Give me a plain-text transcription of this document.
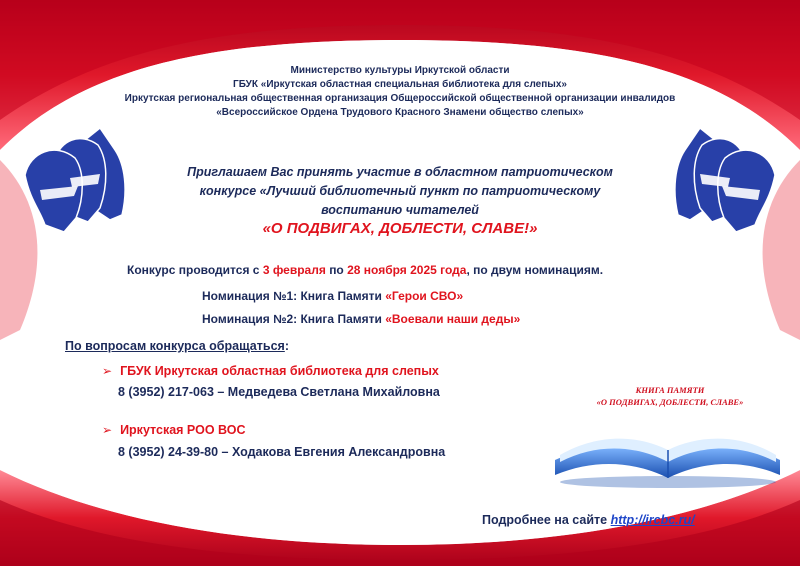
Министерство культуры Иркутской области
ГБУК «Иркутская областная специальная библиотека для слепых»
Иркутская региональная общественная организация Общероссийской общественной организации инвалидов
«Всероссийское Ордена Трудового Красного Знамени общество слепых»
Приглашаем Вас принять участие в областном патриотическом
конкурсе «Лучший библиотечный пункт по патриотическому
воспитанию читателей
«О ПОДВИГАХ, ДОБЛЕСТИ, СЛАВЕ!»
Конкурс проводится с 3 февраля по 28 ноября 2025 года, по двум номинациям.
Номинация №1: Книга Памяти «Герои СВО»
Номинация №2: Книга Памяти «Воевали наши деды»
По вопросам конкурса обращаться:
➢ ГБУК Иркутская областная библиотека для слепых
8 (3952) 217-063 – Медведева Светлана Михайловна
➢ Иркутская РОО ВОС
8 (3952) 24-39-80 – Ходакова Евгения Александровна
КНИГА ПАМЯТИ
«О ПОДВИГАХ, ДОБЛЕСТИ, СЛАВЕ»
Подробнее на сайте http://ircbc.ru/
